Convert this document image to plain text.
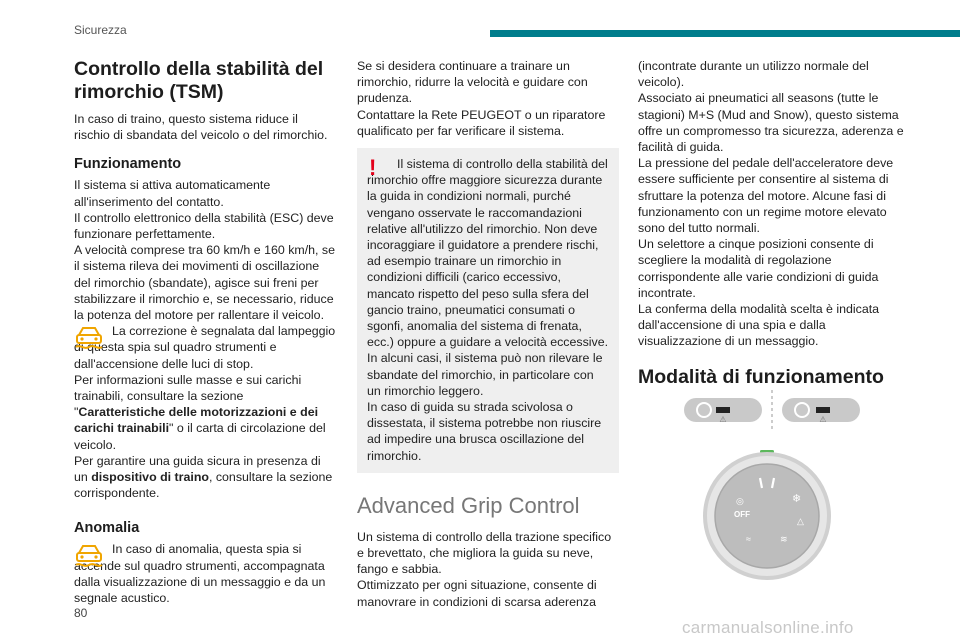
Sicurezza
Controllo della stabilità del rimorchio (TSM)

In caso di traino, questo sistema riduce il rischio di sbandata del veicolo o del rimorchio.

Funzionamento

Il sistema si attiva automaticamente
all'inserimento del contatto.
Il controllo elettronico della stabilità (ESC) deve funzionare perfettamente.
A velocità comprese tra 60 km/h e 160 km/h, se il sistema rileva dei movimenti di oscillazione del rimorchio (sbandate), agisce sui freni per stabilizzare il rimorchio e, se necessario, riduce la potenza del motore per rallentare il veicolo.

La correzione è segnalata dal lampeggio di questa spia sul quadro strumenti e dall'accensione delle luci di stop.

Per informazioni sulle masse e sui carichi trainabili, consultare la sezione "Caratteristiche delle motorizzazioni e dei carichi trainabili" o il carta di circolazione del veicolo.

Per garantire una guida sicura in presenza di un dispositivo di traino, consultare la sezione corrispondente.

Anomalia

In caso di anomalia, questa spia si accende sul quadro strumenti, accompagnata dalla visualizzazione di un messaggio e da un segnale acustico.

Se si desidera continuare a trainare un rimorchio, ridurre la velocità e guidare con prudenza.
Contattare la Rete PEUGEOT o un riparatore qualificato per far verificare il sistema.

!	Il sistema di controllo della stabilità del rimorchio offre maggiore sicurezza durante la guida in condizioni normali, purché vengano osservate le raccomandazioni relative all'utilizzo del rimorchio. Non deve incoraggiare il guidatore a prendere rischi, ad esempio trainare un rimorchio in condizioni difficili (carico eccessivo, mancato rispetto del peso sulla sfera del gancio traino, pneumatici consumati o sgonfi, anomalia del sistema di frenata, ecc.) oppure a guidare a velocità eccessive.
In alcuni casi, il sistema può non rilevare le sbandate del rimorchio, in particolare con un rimorchio leggero.
In caso di guida su strada scivolosa o dissestata, il sistema potrebbe non riuscire ad impedire una brusca oscillazione del rimorchio.

Advanced Grip Control

Un sistema di controllo della trazione specifico e brevettato, che migliora la guida su neve, fango e sabbia.
Ottimizzato per ogni situazione, consente di manovrare in condizioni di scarsa aderenza

(incontrate durante un utilizzo normale del veicolo).
Associato ai pneumatici all seasons (tutte le stagioni) M+S (Mud and Snow), questo sistema offre un compromesso tra sicurezza, aderenza e facilità di guida.
La pressione del pedale dell'acceleratore deve essere sufficiente per consentire al sistema di sfruttare la potenza del motore. Alcune fasi di funzionamento con un regime motore elevato sono del tutto normali.
Un selettore a cinque posizioni consente di scegliere la modalità di regolazione corrispondente alle varie condizioni di guida incontrate.
La conferma della modalità scelta è indicata dall'accensione di una spia e dalla visualizzazione di un messaggio.

Modalità di funzionamento
⚠	⚠
◎
OFF
❄
△
≈	≋
80
carmanualsonline.info
